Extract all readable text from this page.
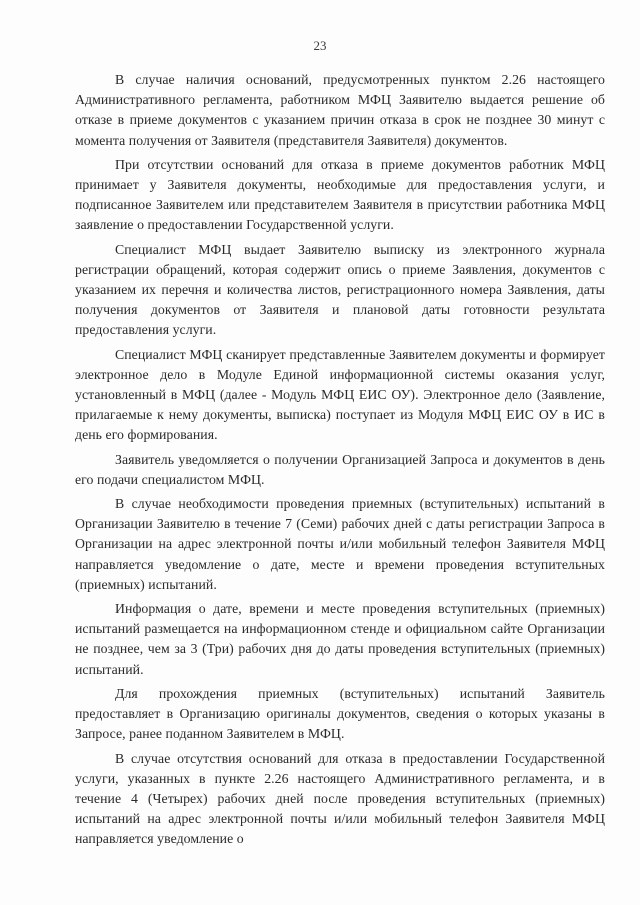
23

В случае наличия оснований, предусмотренных пунктом 2.26 настоящего Административного регламента, работником МФЦ Заявителю выдается решение об отказе в приеме документов с указанием причин отказа в срок не позднее 30 минут с момента получения от Заявителя (представителя Заявителя) документов.

При отсутствии оснований для отказа в приеме документов работник МФЦ принимает у Заявителя документы, необходимые для предоставления услуги, и подписанное Заявителем или представителем Заявителя в присутствии работника МФЦ заявление о предоставлении Государственной услуги.

Специалист МФЦ выдает Заявителю выписку из электронного журнала регистрации обращений, которая содержит опись о приеме Заявления, документов с указанием их перечня и количества листов, регистрационного номера Заявления, даты получения документов от Заявителя и плановой даты готовности результата предоставления услуги.

Специалист МФЦ сканирует представленные Заявителем документы и формирует электронное дело в Модуле Единой информационной системы оказания услуг, установленный в МФЦ (далее - Модуль МФЦ ЕИС ОУ). Электронное дело (Заявление, прилагаемые к нему документы, выписка) поступает из Модуля МФЦ ЕИС ОУ в ИС в день его формирования.

Заявитель уведомляется о получении Организацией Запроса и документов в день его подачи специалистом МФЦ.

В случае необходимости проведения приемных (вступительных) испытаний в Организации Заявителю в течение 7 (Семи) рабочих дней с даты регистрации Запроса в Организации на адрес электронной почты и/или мобильный телефон Заявителя МФЦ направляется уведомление о дате, месте и времени проведения вступительных (приемных) испытаний.

Информация о дате, времени и месте проведения вступительных (приемных) испытаний размещается на информационном стенде и официальном сайте Организации не позднее, чем за 3 (Три) рабочих дня до даты проведения вступительных (приемных) испытаний.

Для прохождения приемных (вступительных) испытаний Заявитель предоставляет в Организацию оригиналы документов, сведения о которых указаны в Запросе, ранее поданном Заявителем в МФЦ.

В случае отсутствия оснований для отказа в предоставлении Государственной услуги, указанных в пункте 2.26 настоящего Административного регламента, и в течение 4 (Четырех) рабочих дней после проведения вступительных (приемных) испытаний на адрес электронной почты и/или мобильный телефон Заявителя МФЦ направляется уведомление о
